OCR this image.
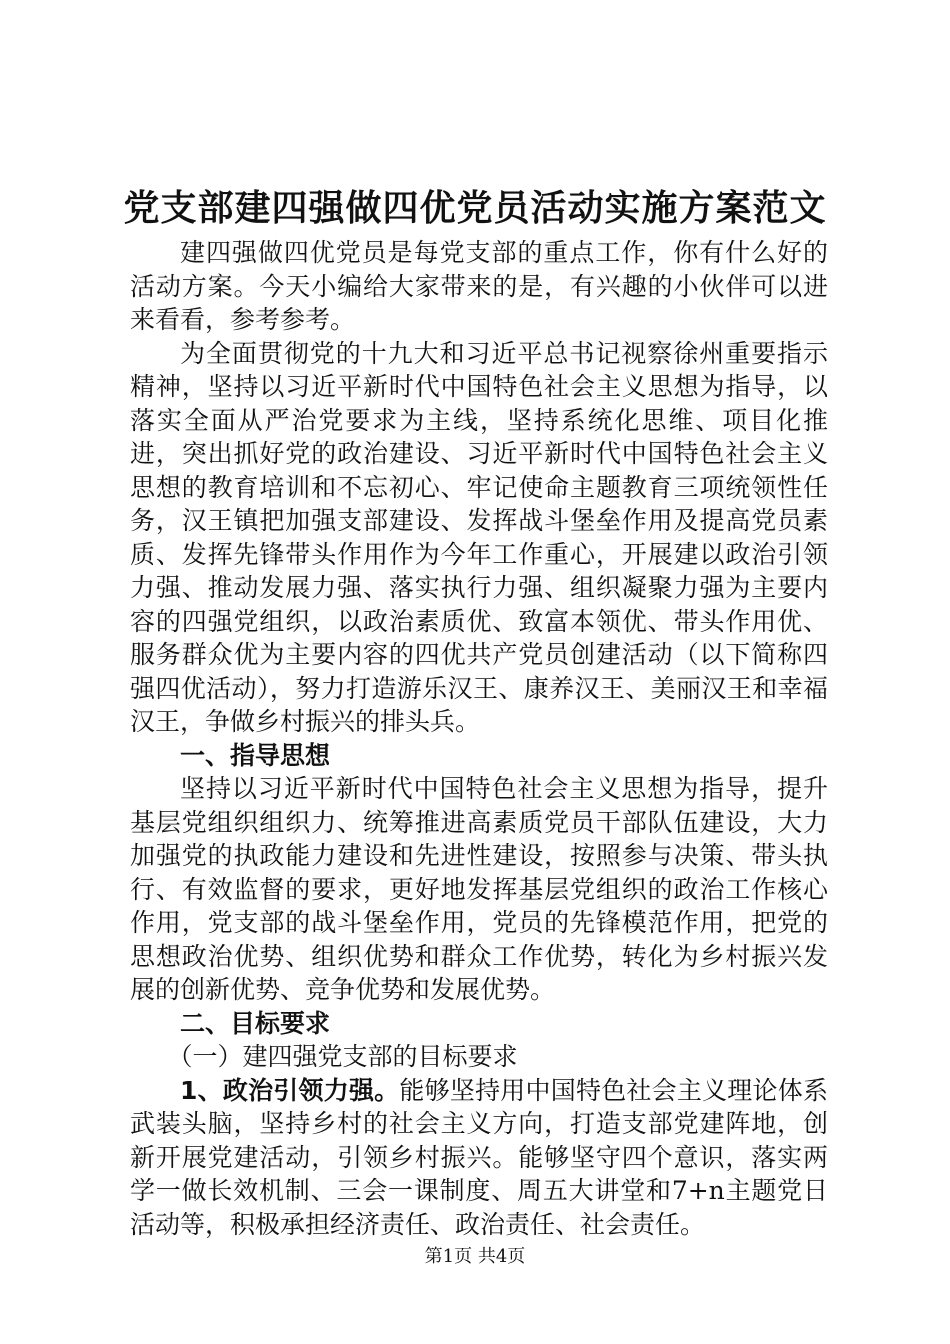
党支部建四强做四优党员活动实施方案范文

建四强做四优党员是每党支部的重点工作，你有什么好的活动方案。今天小编给大家带来的是，有兴趣的小伙伴可以进来看看，参考参考。

为全面贯彻党的十九大和习近平总书记视察徐州重要指示精神，坚持以习近平新时代中国特色社会主义思想为指导，以落实全面从严治党要求为主线，坚持系统化思维、项目化推进，突出抓好党的政治建设、习近平新时代中国特色社会主义思想的教育培训和不忘初心、牢记使命主题教育三项统领性任务，汉王镇把加强支部建设、发挥战斗堡垒作用及提高党员素质、发挥先锋带头作用作为今年工作重心，开展建以政治引领力强、推动发展力强、落实执行力强、组织凝聚力强为主要内容的四强党组织，以政治素质优、致富本领优、带头作用优、服务群众优为主要内容的四优共产党员创建活动（以下简称四强四优活动），努力打造游乐汉王、康养汉王、美丽汉王和幸福汉王，争做乡村振兴的排头兵。

一、指导思想

坚持以习近平新时代中国特色社会主义思想为指导，提升基层党组织组织力、统筹推进高素质党员干部队伍建设，大力加强党的执政能力建设和先进性建设，按照参与决策、带头执行、有效监督的要求，更好地发挥基层党组织的政治工作核心作用，党支部的战斗堡垒作用，党员的先锋模范作用，把党的思想政治优势、组织优势和群众工作优势，转化为乡村振兴发展的创新优势、竞争优势和发展优势。

二、目标要求
（一）建四强党支部的目标要求

1、政治引领力强。能够坚持用中国特色社会主义理论体系武装头脑，坚持乡村的社会主义方向，打造支部党建阵地，创新开展党建活动，引领乡村振兴。能够坚守四个意识，落实两学一做长效机制、三会一课制度、周五大讲堂和7+n主题党日活动等，积极承担经济责任、政治责任、社会责任。

第1页 共4页
